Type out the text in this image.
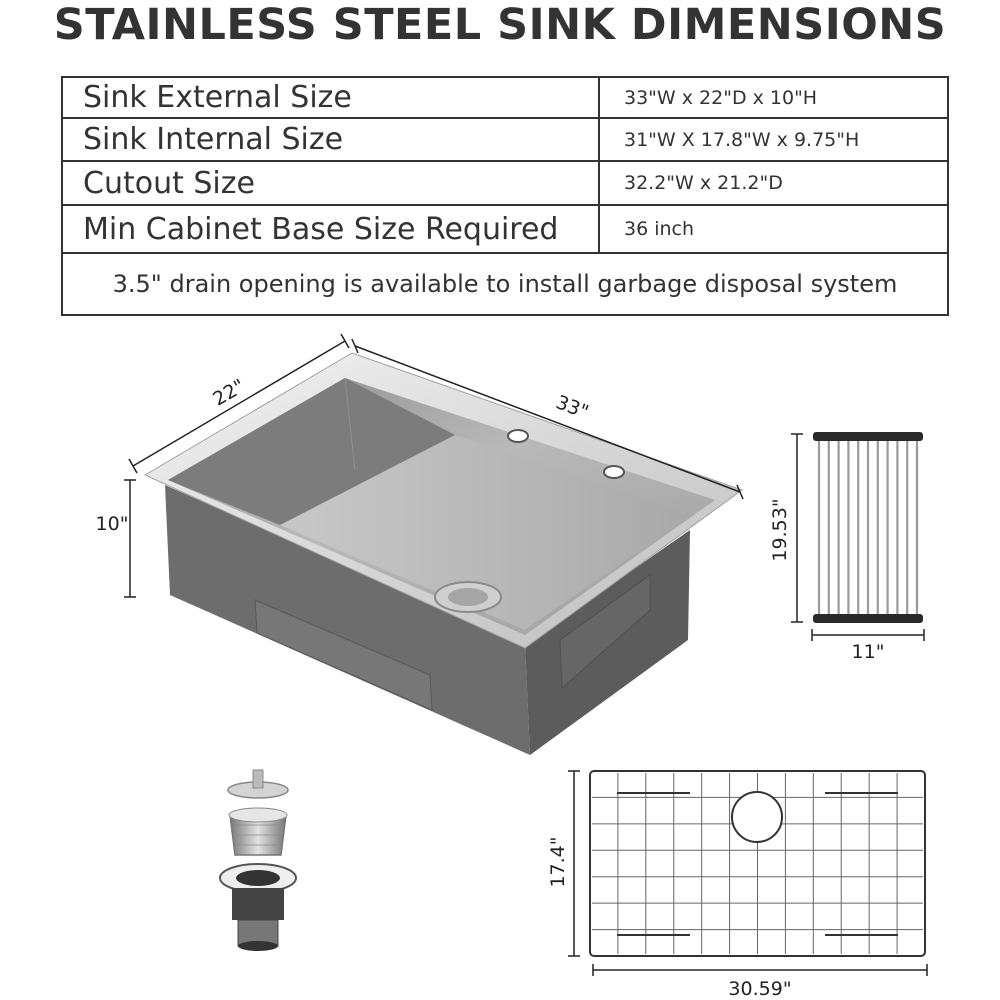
STAINLESS STEEL SINK DIMENSIONS
Sink External Size	33"W x 22"D x 10"H
Sink Internal Size	31"W X 17.8"W x 9.75"H
Cutout Size	32.2"W x 21.2"D
Min Cabinet Base Size Required	36 inch
3.5" drain opening is available to install garbage disposal system
22"	33"
10"	19.53"
11"
17.4"
30.59"
